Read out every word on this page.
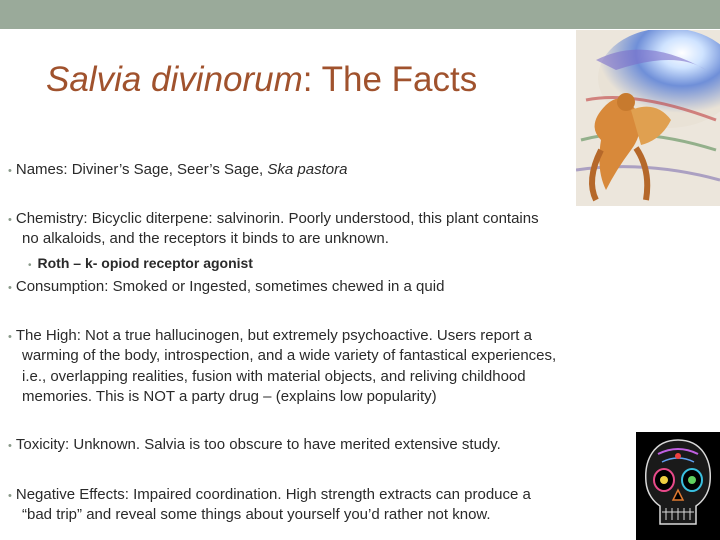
Salvia divinorum: The Facts
• Names: Diviner’s Sage, Seer’s Sage, Ska pastora
• Chemistry: Bicyclic diterpene: salvinorin. Poorly understood, this plant contains
no alkaloids, and the receptors it binds to are unknown.
• Roth – k- opiod receptor agonist
• Consumption: Smoked or Ingested, sometimes chewed in a quid
• The High: Not a true hallucinogen, but extremely psychoactive. Users report a
warming of the body, introspection, and a wide variety of fantastical experiences,
i.e., overlapping realities, fusion with material objects, and reliving childhood
memories. This is NOT a party drug – (explains low popularity)
• Toxicity: Unknown. Salvia is too obscure to have merited extensive study.
• Negative Effects: Impaired coordination. High strength extracts can produce a
“bad trip” and reveal some things about yourself you’d rather not know.
